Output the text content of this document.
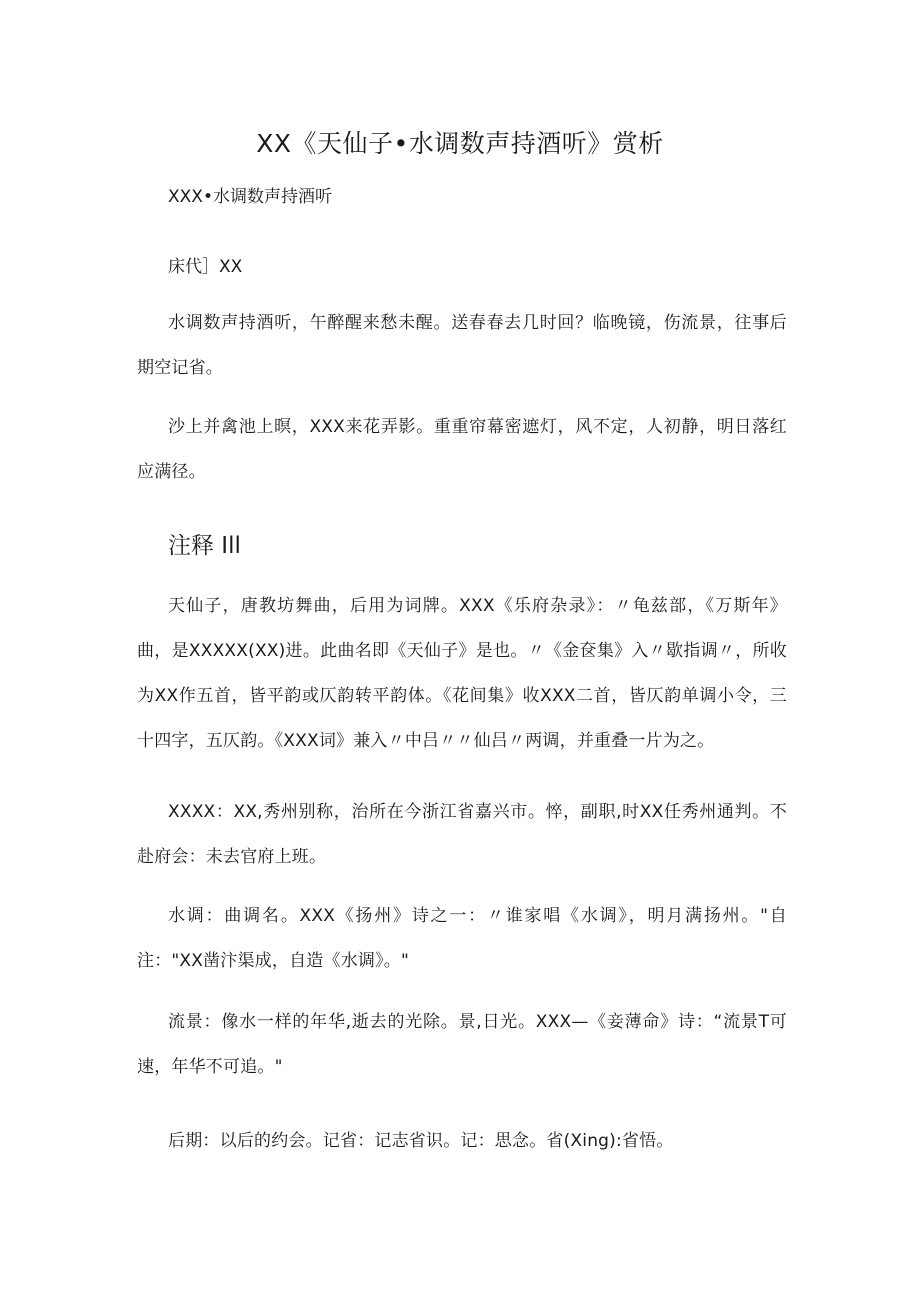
XX《天仙子•水调数声持酒听》赏析
XXX•水调数声持酒听
床代］XX
水调数声持酒听，午醉醒来愁未醒。送春春去几时回？临晚镜，伤流景，往事后期空记省。
沙上并禽池上暝，XXX来花弄影。重重帘幕密遮灯，风不定，人初静，明日落红应满径。
注释 Ill
天仙子，唐教坊舞曲，后用为词牌。XXX《乐府杂录》：〃龟兹部，《万斯年》曲，是XXXXX(XX)进。此曲名即《天仙子》是也。〃《金奁集》入〃歇指调〃，所收为XX作五首，皆平韵或仄韵转平韵体。《花间集》收XXX二首，皆仄韵单调小令，三十四字，五仄韵。《XXX词》兼入〃中吕〃〃仙吕〃两调，并重叠一片为之。
XXXX：XX,秀州别称，治所在今浙江省嘉兴市。悴，副职,时XX任秀州通判。不赴府会：未去官府上班。
水调：曲调名。XXX《扬州》诗之一：〃谁家唱《水调》，明月满扬州。"自注："XX凿汴渠成，自造《水调》。"
流景：像水一样的年华,逝去的光除。景,日光。XXX—《妾薄命》诗：“流景T可速，年华不可追。"
后期：以后的约会。记省：记志省识。记：思念。省(Xing):省悟。
